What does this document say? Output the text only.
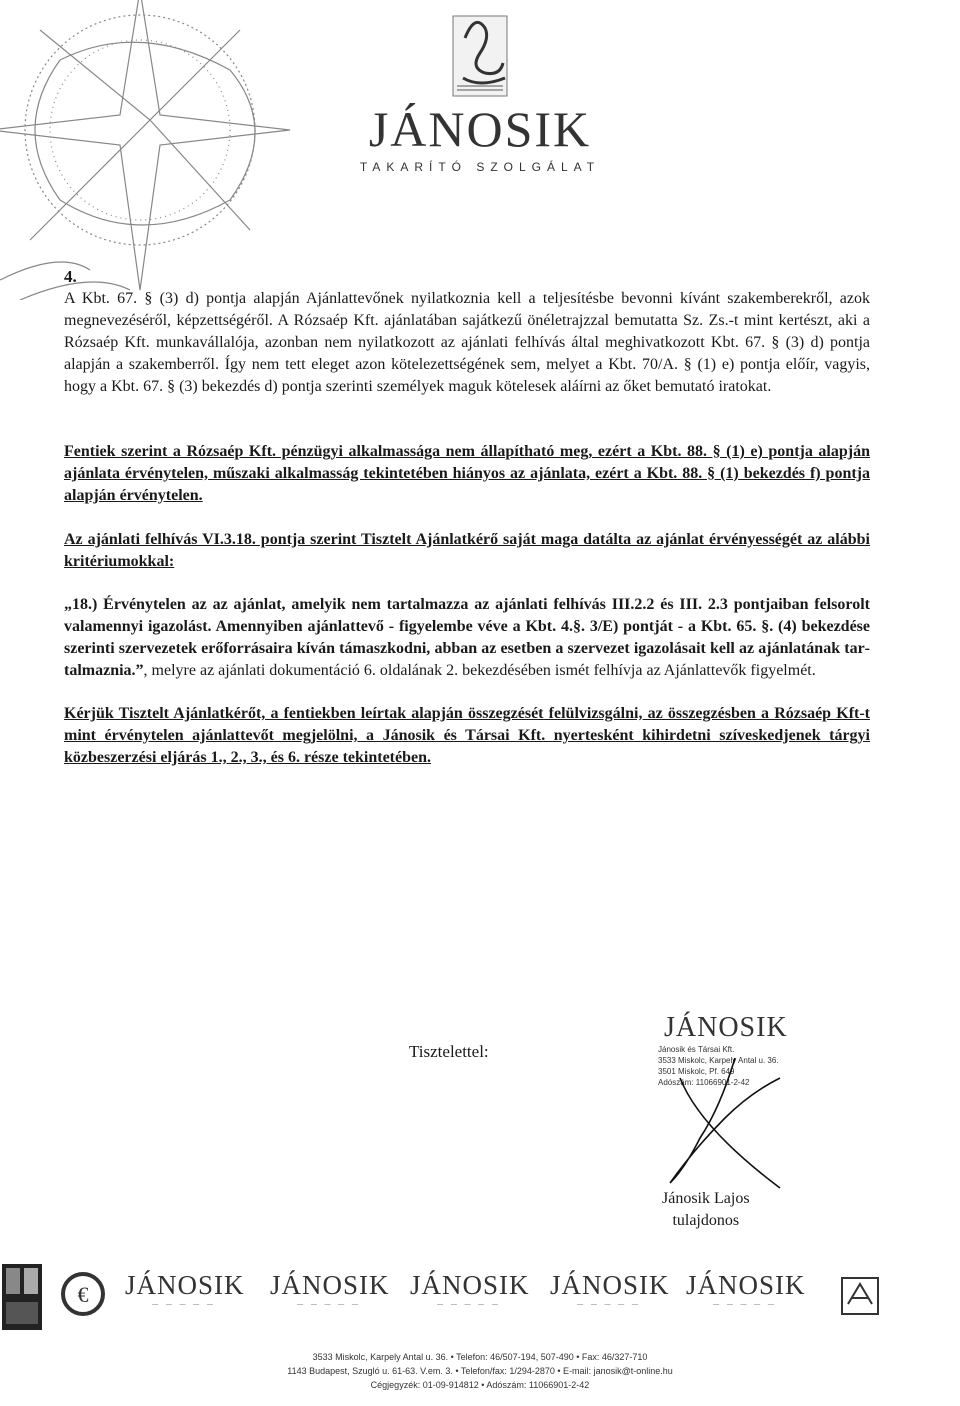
JÁNOSIK
TAKARÍTÓ SZOLGÁLAT

4.

A Kbt. 67. § (3) d) pontja alapján Ajánlattevőnek nyilatkoznia kell a teljesítésbe bevonni kívánt szakemberekről, azok megnevezéséről, képzettségéről. A Rózsaép Kft. ajánlatában sajátkezű önéletrajzzal bemutatta Sz. Zs.-t mint kertészt, aki a Rózsaép Kft. munkavállalója, azonban nem nyilatkozott az ajánlati felhívás által meghivatkozott Kbt. 67. § (3) d) pontja alapján a szakemberről. Így nem tett eleget azon kötelezettségének sem, melyet a Kbt. 70/A. § (1) e) pontja előír, vagyis, hogy a Kbt. 67. § (3) bekezdés d) pontja szerinti személyek maguk kötelesek aláírni az őket bemutató iratokat.

Fentiek szerint a Rózsaép Kft. pénzügyi alkalmassága nem állapítható meg, ezért a Kbt. 88. § (1) e) pontja alapján ajánlata érvénytelen, műszaki alkalmasság tekintetében hiányos az ajánlata, ezért a Kbt. 88. § (1) bekezdés f) pontja alapján érvénytelen.

Az ajánlati felhívás VI.3.18. pontja szerint Tisztelt Ajánlatkérő saját maga datálta az ajánlat érvényességét az alábbi kritériumokkal:

„18.) Érvénytelen az az ajánlat, amelyik nem tartalmazza az ajánlati felhívás III.2.2 és III. 2.3 pontjaiban felsorolt valamennyi igazolást. Amennyiben ajánlattevő - figyelembe véve a Kbt. 4.§. 3/E) pontját - a Kbt. 65. §. (4) bekezdése szerinti szervezetek erőforrásaira kíván támaszkodni, abban az esetben a szervezet igazolásait kell az ajánlatának tartalmaznia.”, melyre az ajánlati dokumentáció 6. oldalának 2. bekezdésében ismét felhívja az Ajánlattevők figyelmét.

Kérjük Tisztelt Ajánlatkérőt, a fentiekben leírtak alapján összegzését felülvizsgálni, az összegzésben a Rózsaép Kft-t mint érvénytelen ajánlattevőt megjelölni, a Jánosik és Társai Kft. nyertesként kihirdetni szíveskedjenek tárgyi közbeszerzési eljárás 1., 2., 3., és 6. része tekintetében.

Tisztelettel:
JÁNOSIK
Jánosik és Társai Kft.
3533 Miskolc, Karpely Antal u. 36.
3501 Miskolc, Pf. 649
Adószám: 11066901-2-42
Jánosik Lajos
tulajdonos
€ JÁNOSIK
— — — — —
JÁNOSIK
— — — — —
JÁNOSIK
— — — — —
JÁNOSIK
— — — — —
JÁNOSIK
— — — — —
3533 Miskolc, Karpely Antal u. 36. • Telefon: 46/507-194, 507-490 • Fax: 46/327-710
1143 Budapest, Szugló u. 61-63. V.em. 3. • Telefon/fax: 1/294-2870 • E-mail: janosik@t-online.hu
Cégjegyzék: 01-09-914812 • Adószám: 11066901-2-42
